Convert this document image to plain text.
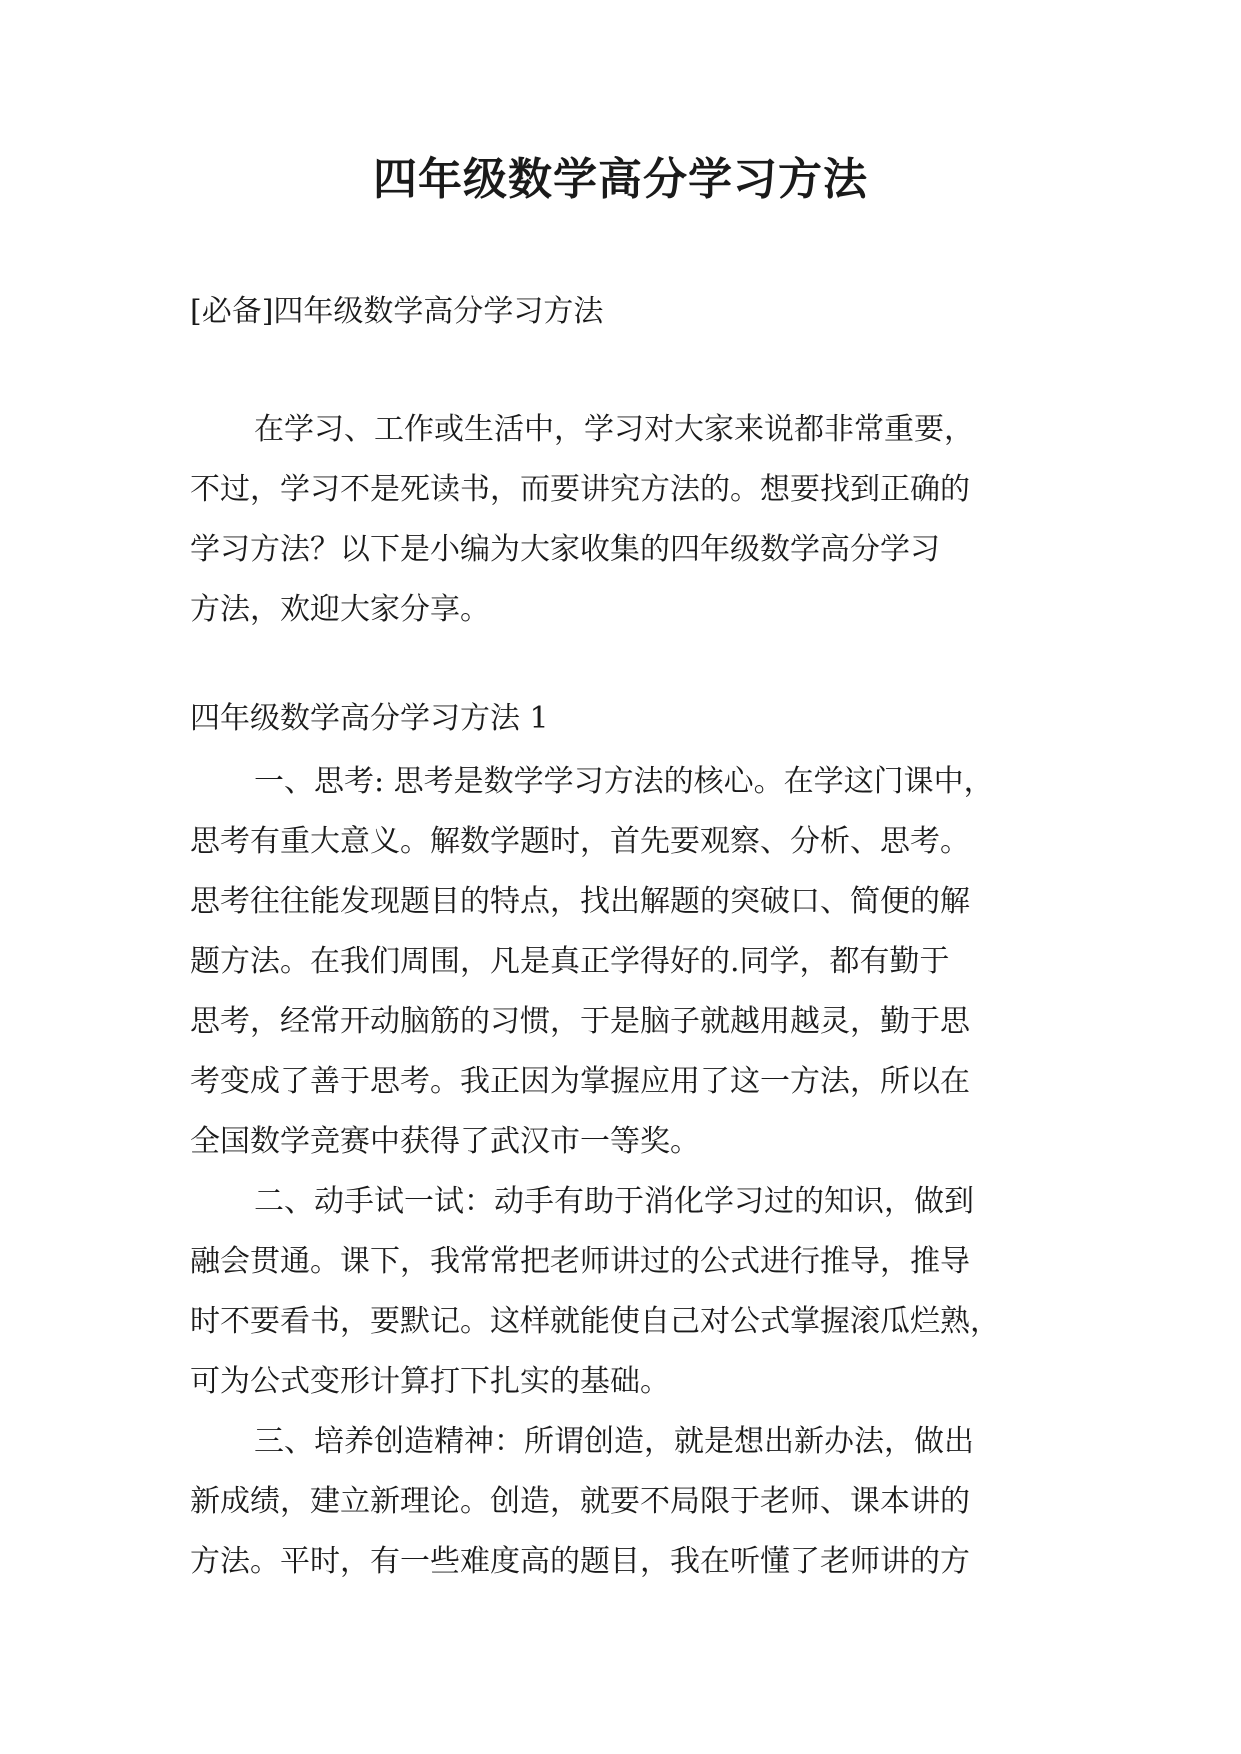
四年级数学高分学习方法
[必备]四年级数学高分学习方法
在学习、工作或生活中，学习对大家来说都非常重要，
不过，学习不是死读书，而要讲究方法的。想要找到正确的
学习方法？以下是小编为大家收集的四年级数学高分学习
方法，欢迎大家分享。
四年级数学高分学习方法 1
一、思考: 思考是数学学习方法的核心。在学这门课中，
思考有重大意义。解数学题时，首先要观察、分析、思考。
思考往往能发现题目的特点，找出解题的突破口、简便的解
题方法。在我们周围，凡是真正学得好的.同学，都有勤于
思考，经常开动脑筋的习惯，于是脑子就越用越灵，勤于思
考变成了善于思考。我正因为掌握应用了这一方法，所以在
全国数学竞赛中获得了武汉市一等奖。
二、动手试一试：动手有助于消化学习过的知识，做到
融会贯通。课下，我常常把老师讲过的公式进行推导，推导
时不要看书，要默记。这样就能使自己对公式掌握滚瓜烂熟，
可为公式变形计算打下扎实的基础。
三、培养创造精神：所谓创造，就是想出新办法，做出
新成绩，建立新理论。创造，就要不局限于老师、课本讲的
方法。平时，有一些难度高的题目，我在听懂了老师讲的方
